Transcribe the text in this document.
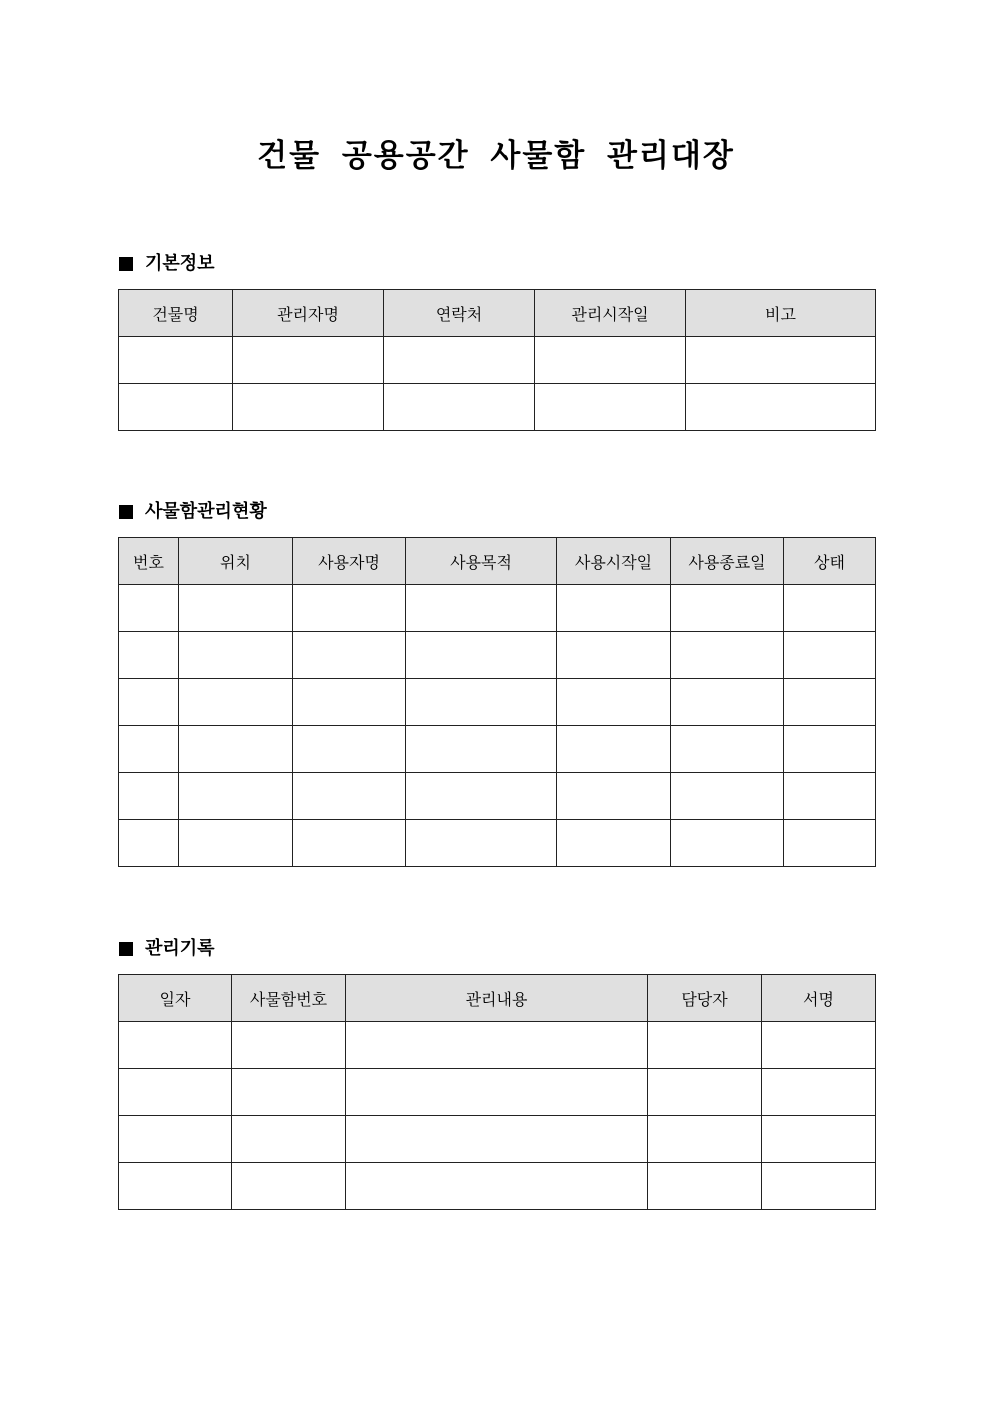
건물 공용공간 사물함 관리대장
기본정보
건물명	관리자명	연락처	관리시작일	비고

사물함관리현황
번호	위치	사용자명	사용목적	사용시작일	사용종료일	상태

관리기록
일자	사물함번호	관리내용	담당자	서명
